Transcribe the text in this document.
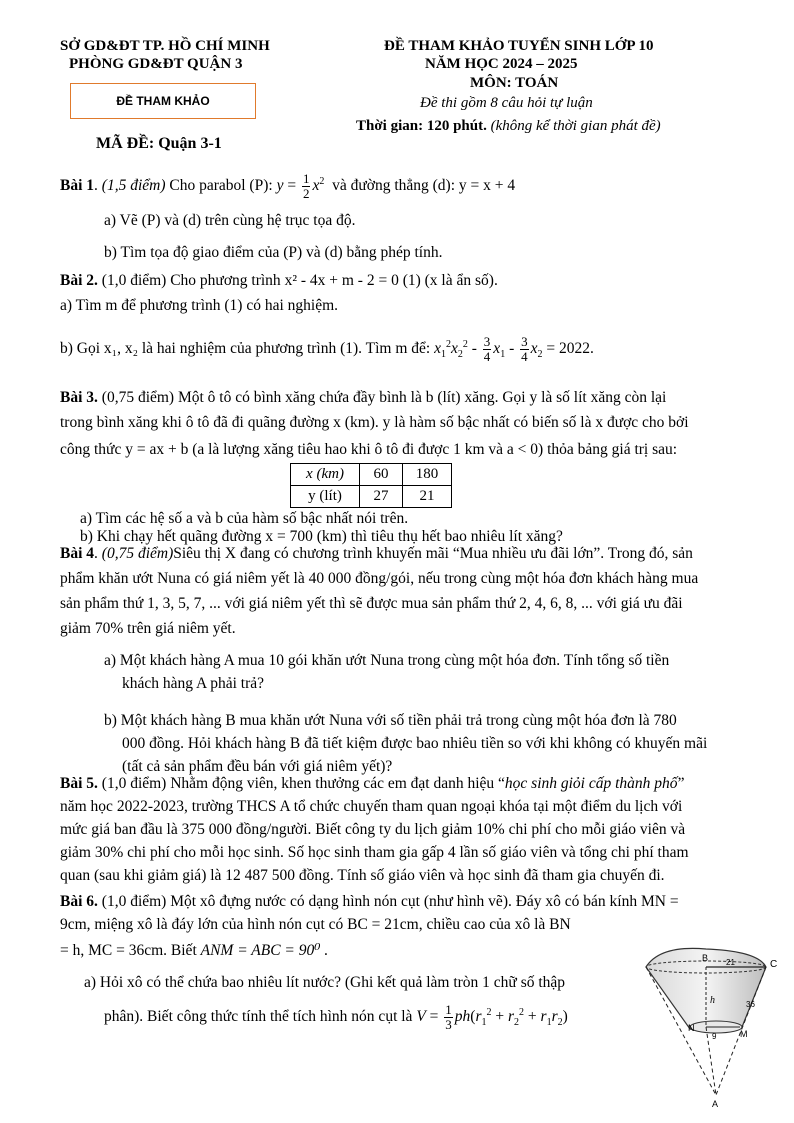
SỞ GD&ĐT TP. HỒ CHÍ MINH
PHÒNG GD&ĐT QUẬN 3
ĐỀ THAM KHẢO TUYỂN SINH LỚP 10
NĂM HỌC 2024 – 2025
MÔN: TOÁN
Đề thi gồm 8 câu hỏi tự luận
Thời gian: 120 phút. (không kể thời gian phát đề)
ĐỀ THAM KHẢO
MÃ ĐỀ: Quận 3-1
Bài 1. (1,5 điểm) Cho parabol (P): $y = \frac{1}{2} x^2$ và đường thẳng (d): y = x + 4
a) Vẽ (P) và (d) trên cùng hệ trục tọa độ.
b) Tìm tọa độ giao điểm của (P) và (d) bằng phép tính.
Bài 2. (1,0 điểm) Cho phương trình x² - 4x + m - 2 = 0 (1) (x là ẩn số).
a) Tìm m để phương trình (1) có hai nghiệm.
b) Gọi x₁, x₂ là hai nghiệm của phương trình (1). Tìm m để: $x_1^2x_2^2 - \frac{3}{4} x_1 - \frac{3}{4} x_2 = 2022$.
Bài 3. (0,75 điểm) Một ô tô có bình xăng chứa đầy bình là b (lít) xăng. Gọi y là số lít xăng còn lại
trong bình xăng khi ô tô đã đi quãng đường x (km). y là hàm số bậc nhất có biến số là x được cho bởi
công thức y = ax + b (a là lượng xăng tiêu hao khi ô tô đi được 1 km và a < 0) thỏa bảng giá trị sau:
x (km)	60	180
y (lít)	27	21
a) Tìm các hệ số a và b của hàm số bậc nhất nói trên.
b) Khi chạy hết quãng đường x = 700 (km) thì tiêu thụ hết bao nhiêu lít xăng?
Bài 4. (0,75 điểm)Siêu thị X đang có chương trình khuyến mãi “Mua nhiều ưu đãi lớn”. Trong đó, sản
phẩm khăn ướt Nuna có giá niêm yết là 40 000 đồng/gói, nếu trong cùng một hóa đơn khách hàng mua
sản phẩm thứ 1, 3, 5, 7, ... với giá niêm yết thì sẽ được mua sản phẩm thứ 2, 4, 6, 8, ... với giá ưu đãi
giảm 70% trên giá niêm yết.
a) Một khách hàng A mua 10 gói khăn ướt Nuna trong cùng một hóa đơn. Tính tổng số tiền
khách hàng A phải trả?
b) Một khách hàng B mua khăn ướt Nuna với số tiền phải trả trong cùng một hóa đơn là 780
000 đồng. Hỏi khách hàng B đã tiết kiệm được bao nhiêu tiền so với khi không có khuyến mãi
(tất cả sản phẩm đều bán với giá niêm yết)?
Bài 5. (1,0 điểm) Nhằm động viên, khen thưởng các em đạt danh hiệu “học sinh giỏi cấp thành phố”
năm học 2022-2023, trường THCS A tổ chức chuyến tham quan ngoại khóa tại một điểm du lịch với
mức giá ban đầu là 375 000 đồng/người. Biết công ty du lịch giảm 10% chi phí cho mỗi giáo viên và
giảm 30% chi phí cho mỗi học sinh. Số học sinh tham gia gấp 4 lần số giáo viên và tổng chi phí tham
quan (sau khi giảm giá) là 12 487 500 đồng. Tính số giáo viên và học sinh đã tham gia chuyến đi.
Bài 6. (1,0 điểm) Một xô đựng nước có dạng hình nón cụt (như hình vẽ). Đáy xô có bán kính MN =
9cm, miệng xô là đáy lớn của hình nón cụt có BC = 21cm, chiều cao của xô là BN
= h, MC = 36cm. Biết ANM = ABC = 90⁰ .
a) Hỏi xô có thể chứa bao nhiêu lít nước? (Ghi kết quả làm tròn 1 chữ số thập
phân). Biết công thức tính thể tích hình nón cụt là $V = \frac{1}{3} ph(r_1^2 + r_2^2 + r_1r_2)$
B
C
21
h	36
N
9	M
A
